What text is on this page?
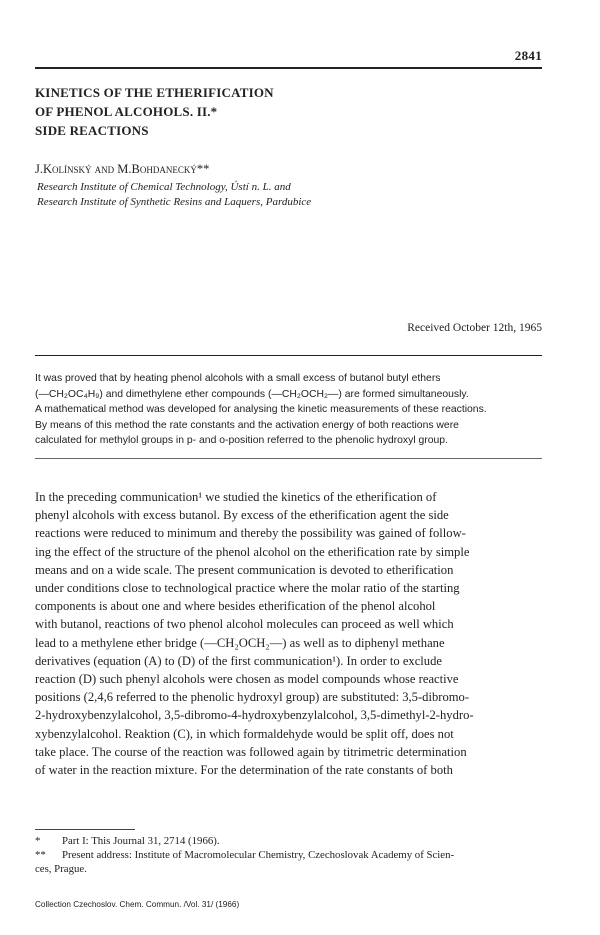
2841
KINETICS OF THE ETHERIFICATION
OF PHENOL ALCOHOLS. II.*
SIDE REACTIONS
J.Kolínský and M.Bohdanecký**
Research Institute of Chemical Technology, Ústí n. L. and
Research Institute of Synthetic Resins and Laquers, Pardubice
Received October 12th, 1965
It was proved that by heating phenol alcohols with a small excess of butanol butyl ethers
(—CH₂OC₄H₉) and dimethylene ether compounds (—CH₂OCH₂—) are formed simultaneously.
A mathematical method was developed for analysing the kinetic measurements of these reactions.
By means of this method the rate constants and the activation energy of both reactions were
calculated for methylol groups in p- and o-position referred to the phenolic hydroxyl group.
In the preceding communication¹ we studied the kinetics of the etherification of
phenyl alcohols with excess butanol. By excess of the etherification agent the side
reactions were reduced to minimum and thereby the possibility was gained of follow-
ing the effect of the structure of the phenol alcohol on the etherification rate by simple
means and on a wide scale. The present communication is devoted to etherification
under conditions close to technological practice where the molar ratio of the starting
components is about one and where besides etherification of the phenol alcohol
with butanol, reactions of two phenol alcohol molecules can proceed as well which
lead to a methylene ether bridge (—CH₂OCH₂—) as well as to diphenyl methane
derivatives (equation (A) to (D) of the first communication¹). In order to exclude
reaction (D) such phenyl alcohols were chosen as model compounds whose reactive
positions (2,4,6 referred to the phenolic hydroxyl group) are substituted: 3,5-dibromo-
2-hydroxybenzylalcohol, 3,5-dibromo-4-hydroxybenzylalcohol, 3,5-dimethyl-2-hydro-
xybenzylalcohol. Reaktion (C), in which formaldehyde would be split off, does not
take place. The course of the reaction was followed again by titrimetric determination
of water in the reaction mixture. For the determination of the rate constants of both
* Part I: This Journal 31, 2714 (1966).
** Present address: Institute of Macromolecular Chemistry, Czechoslovak Academy of Scien-
ces, Prague.
Collection Czechoslov. Chem. Commun. /Vol. 31/ (1966)
